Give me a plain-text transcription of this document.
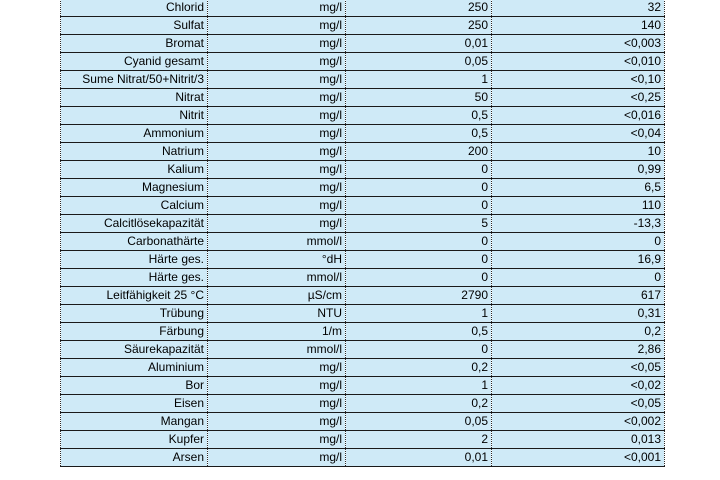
Chlorid	mg/l	250	32
Sulfat	mg/l	250	140
Bromat	mg/l	0,01	<0,003
Cyanid gesamt	mg/l	0,05	<0,010
Sume Nitrat/50+Nitrit/3	mg/l	1	<0,10
Nitrat	mg/l	50	<0,25
Nitrit	mg/l	0,5	<0,016
Ammonium	mg/l	0,5	<0,04
Natrium	mg/l	200	10
Kalium	mg/l	0	0,99
Magnesium	mg/l	0	6,5
Calcium	mg/l	0	110
Calcitlösekapazität	mg/l	5	-13,3
Carbonathärte	mmol/l	0	0
Härte ges.	°dH	0	16,9
Härte ges.	mmol/l	0	0
Leitfähigkeit 25 °C	µS/cm	2790	617
Trübung	NTU	1	0,31
Färbung	1/m	0,5	0,2
Säurekapazität	mmol/l	0	2,86
Aluminium	mg/l	0,2	<0,05
Bor	mg/l	1	<0,02
Eisen	mg/l	0,2	<0,05
Mangan	mg/l	0,05	<0,002
Kupfer	mg/l	2	0,013
Arsen	mg/l	0,01	<0,001
